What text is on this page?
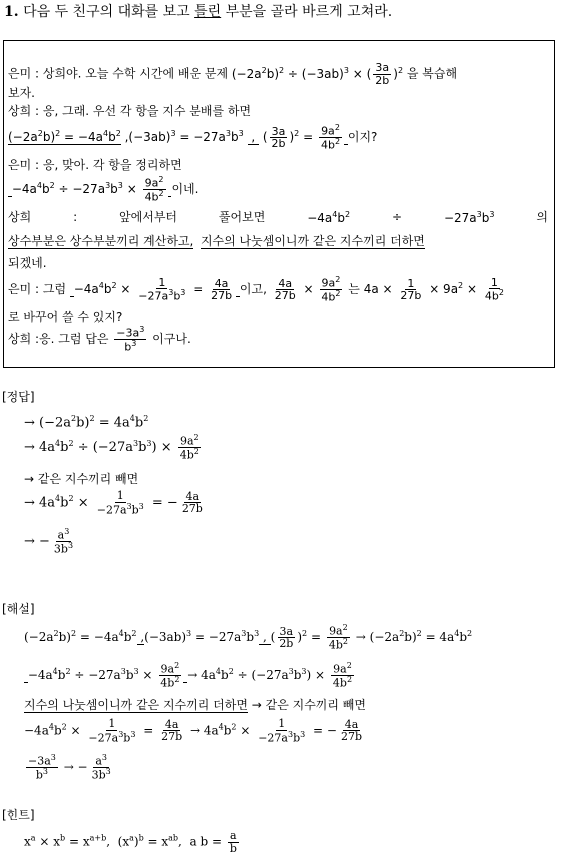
1. 다음 두 친구의 대화를 보고 틀린 부분을 골라 바르게 고쳐라.
은미 : 상희야. 오늘 수학 시간에 배운 문제 $(-2a^2b)^2 \div (-3ab)^3$ × ( $\frac{3a}{2b} )^2$ 을 복습해
보자.
상희 : 응, 그래. 우선 각 항을 지수 분배를 하면
$(-2a^2b)^2 = -4a^4b^2$ $,(-3ab)^3 = -27a^3b^3$  ,  ( $\frac{3a}{2b} )^2 = \frac{9a^2}{4b^2}$ 이지?
은미 : 응, 맞아. 각 항을 정리하면
$-4a^4b^2 \div -27a^3b^3 \times \frac{9a^2}{4b^2}$ 이네.
상희	:	앞에서부터	풀어보면	$-4a^4b^2$	÷	$-27a^3b^3$	의
상수부분은 상수부분끼리 계산하고, 지수의 나눗셈이니까 같은 지수끼리 더하면
되겠네.
은미 : 그럼 $-4a^4b^2 \times \frac{1}{-27a^3b^3} = \frac{4a}{27b}$ 이고, $\frac{4a}{27b} \times \frac{9a^2}{4b^2}$ 는 $4a \times \frac{1}{27b} \times 9a^2 \times \frac{1}{4b^2}$
로 바꾸어 쓸 수 있지?
상희 :응. 그럼 답은 $\frac{-3a^3}{b^3}$ 이구나.
[정답]
→ $(-2a^2b)^2 = 4a^4b^2$
→ $4a^4b^2 \div (-27a^3b^3) \times \frac{9a^2}{4b^2}$
→ 같은 지수끼리 빼면
→ $4a^4b^2 \times \frac{1}{-27a^3b^3}$ = − $\frac{4a}{27b}$
→ − $\frac{a^3}{3b^3}$
[해설]
$(-2a^2b)^2 = -4a^4b^2$ $,(-3ab)^3 = -27a^3b^3$ , ( $\frac{3a}{2b} )^2 = \frac{9a^2}{4b^2} \to (-2a^2b)^2 = 4a^4b^2$
$-4a^4b^2 \div -27a^3b^3 \times \frac{9a^2}{4b^2} \to 4a^4b^2 \div (-27a^3b^3) \times \frac{9a^2}{4b^2}$
지수의 나눗셈이니까 같은 지수끼리 더하면 → 같은 지수끼리 빼면
$-4a^4b^2 \times \frac{1}{-27a^3b^3} = \frac{4a}{27b} \to 4a^4b^2 \times \frac{1}{-27a^3b^3}$ = − $\frac{4a}{27b}$
$\frac{-3a^3}{b^3}$ → − $\frac{a^3}{3b^3}$
[힌트]
$x^a \times x^b = x^{a+b}$,  $(x^a)^b = x^{ab}$,  a $b = \frac{a}{b}$
